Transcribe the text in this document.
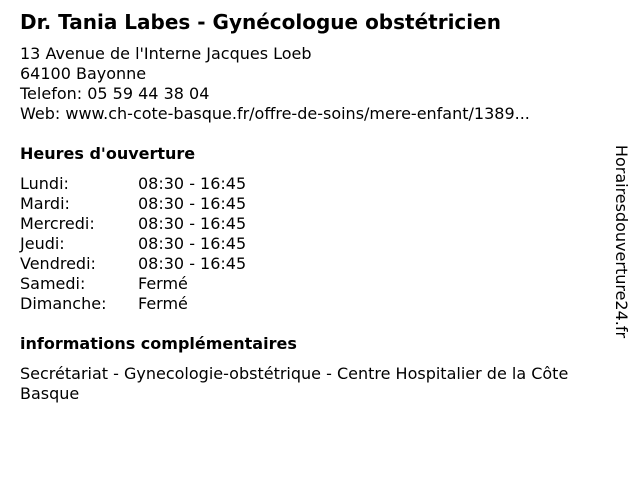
Dr. Tania Labes - Gynécologue obstétricien
13 Avenue de l'Interne Jacques Loeb
64100 Bayonne
Telefon: 05 59 44 38 04
Web: www.ch-cote-basque.fr/offre-de-soins/mere-enfant/1389...
Heures d'ouverture
Lundi:	08:30 - 16:45
Mardi:	08:30 - 16:45
Mercredi:	08:30 - 16:45
Jeudi:	08:30 - 16:45
Vendredi:	08:30 - 16:45
Samedi:	Fermé
Dimanche:	Fermé
informations complémentaires
Secrétariat - Gynecologie-obstétrique - Centre Hospitalier de la Côte Basque
Horairesdouverture24.fr
